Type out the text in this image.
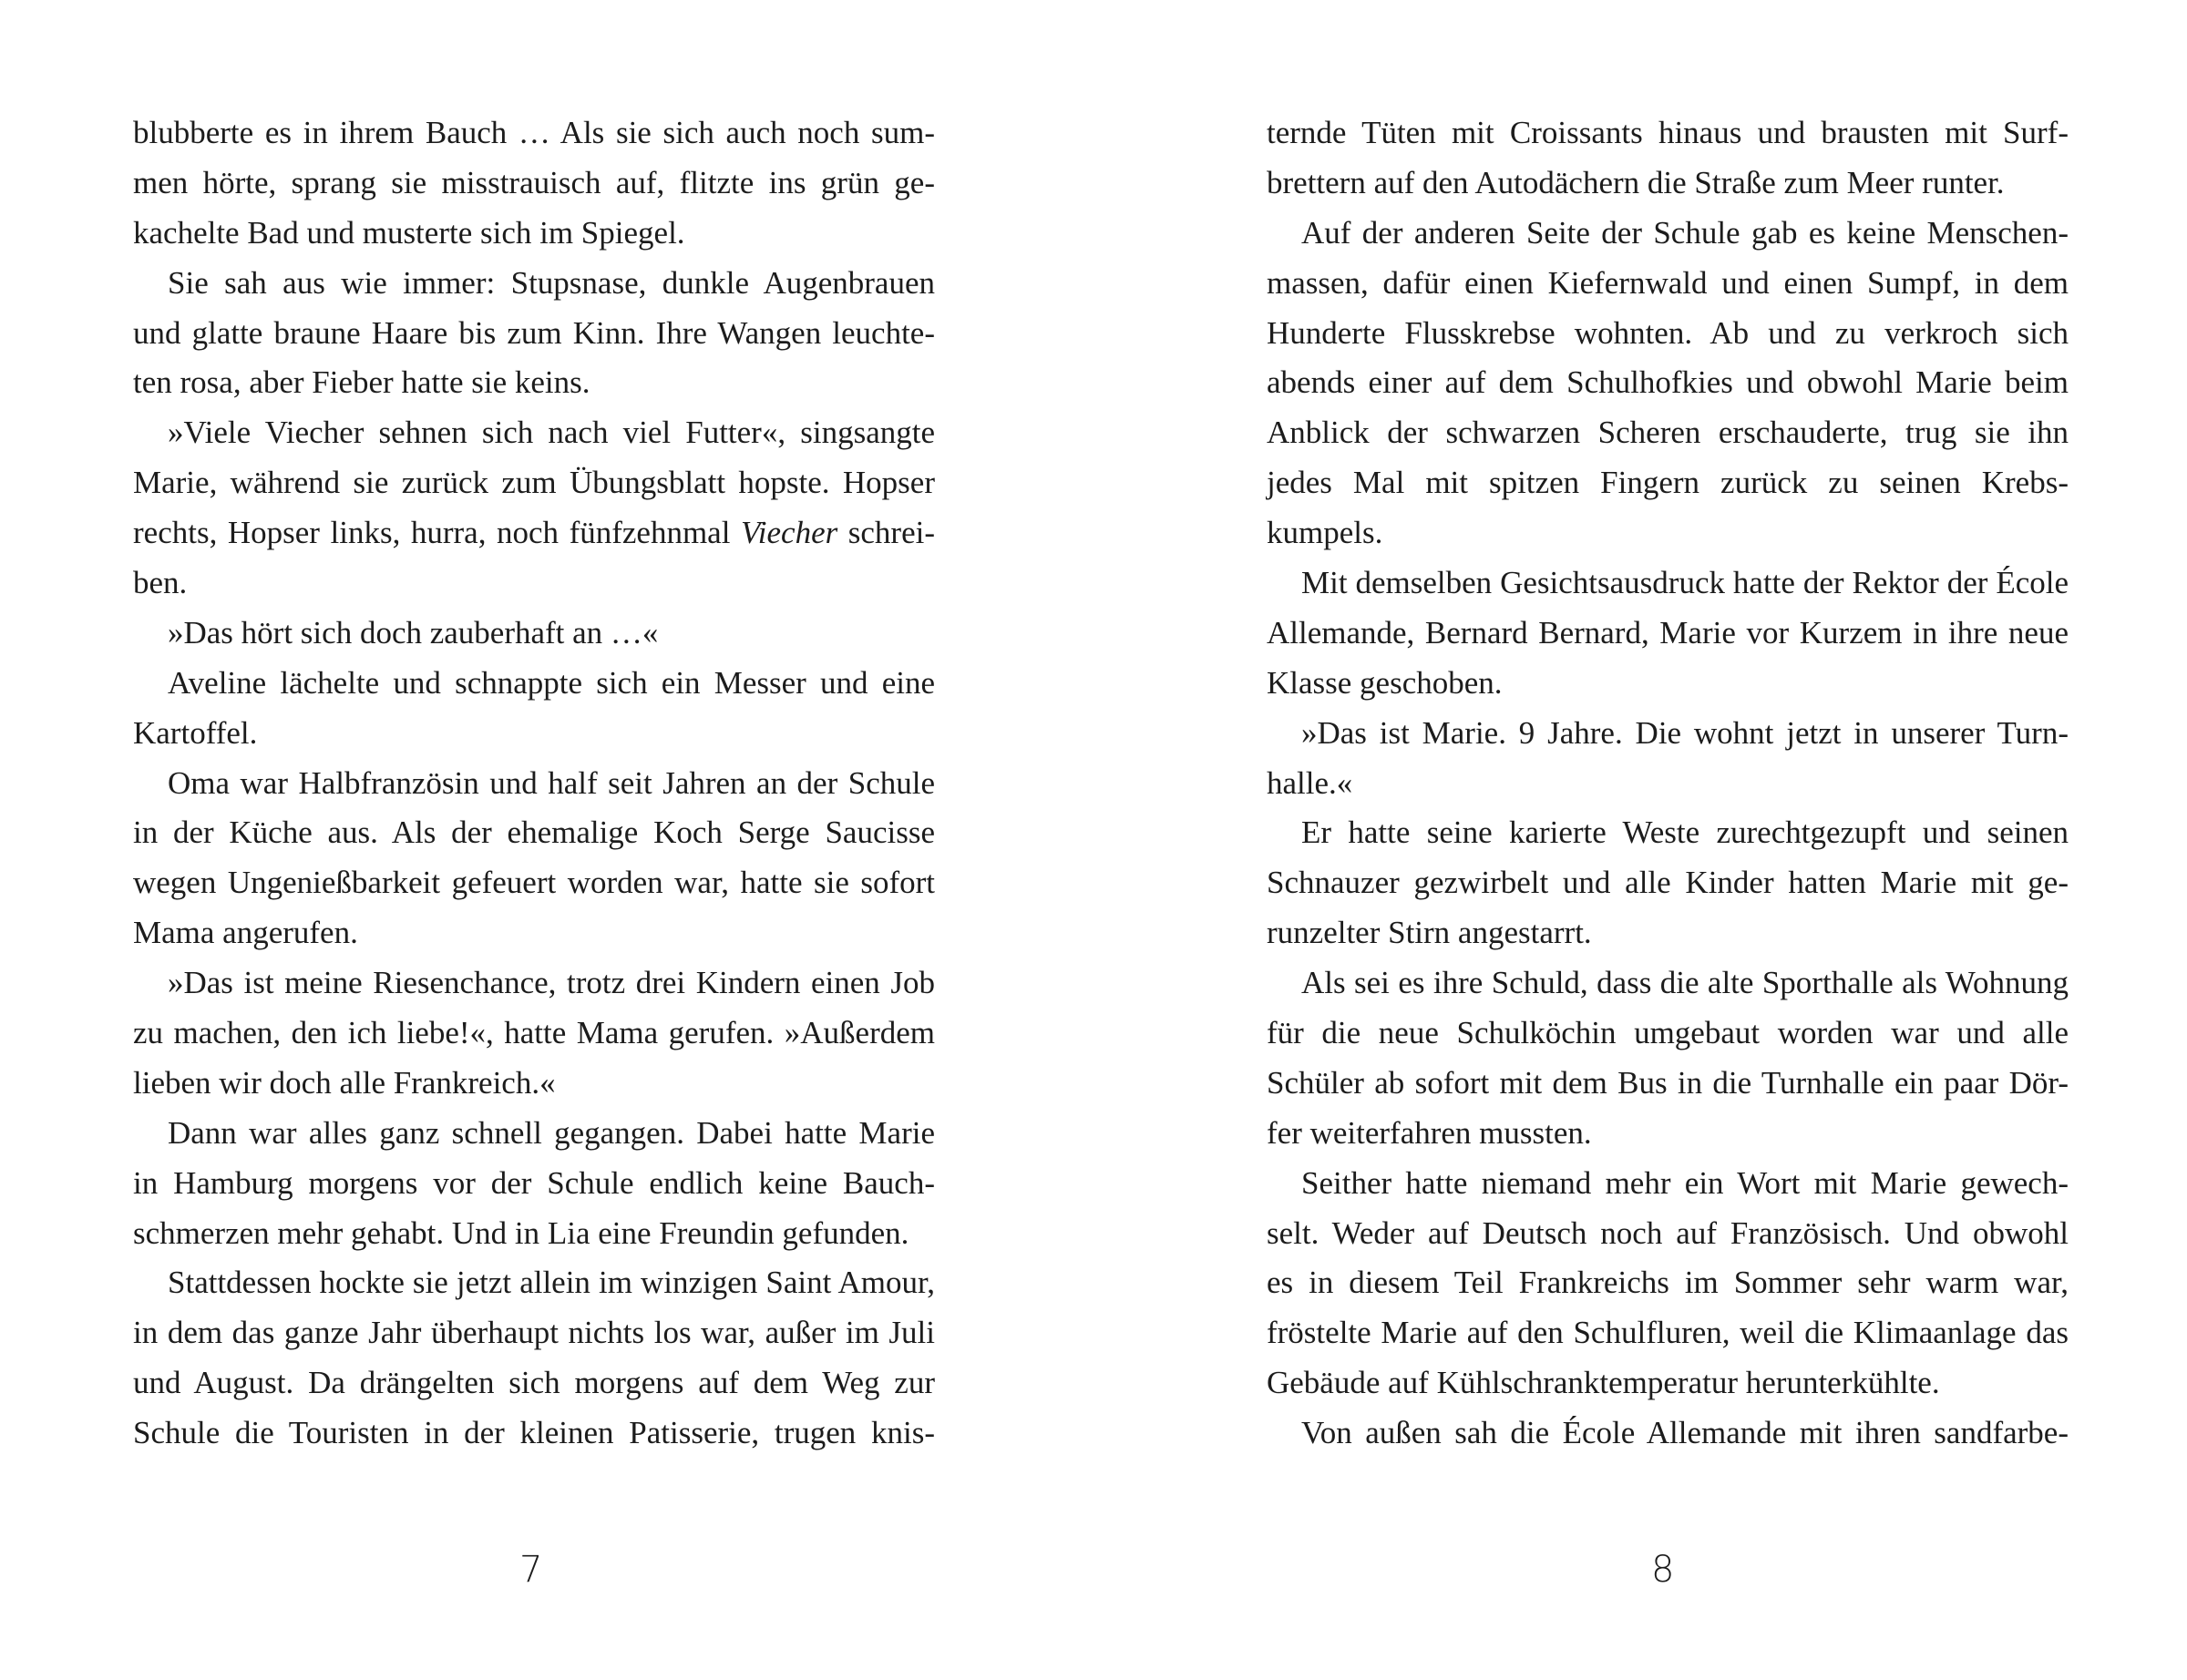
blubberte es in ihrem Bauch … Als sie sich auch noch sum-
men hörte, sprang sie misstrauisch auf, flitzte ins grün ge-
kachelte Bad und musterte sich im Spiegel.
Sie sah aus wie immer: Stupsnase, dunkle Augenbrauen
und glatte braune Haare bis zum Kinn. Ihre Wangen leuchte-
ten rosa, aber Fieber hatte sie keins.
»Viele Viecher sehnen sich nach viel Futter«, singsangte
Marie, während sie zurück zum Übungsblatt hopste. Hopser
rechts, Hopser links, hurra, noch fünfzehnmal Viecher schrei-
ben.
»Das hört sich doch zauberhaft an …«
Aveline lächelte und schnappte sich ein Messer und eine
Kartoffel.
Oma war Halbfranzösin und half seit Jahren an der Schule
in der Küche aus. Als der ehemalige Koch Serge Saucisse
wegen Ungenießbarkeit gefeuert worden war, hatte sie sofort
Mama angerufen.
»Das ist meine Riesenchance, trotz drei Kindern einen Job
zu machen, den ich liebe!«, hatte Mama gerufen. »Außerdem
lieben wir doch alle Frankreich.«
Dann war alles ganz schnell gegangen. Dabei hatte Marie
in Hamburg morgens vor der Schule endlich keine Bauch-
schmerzen mehr gehabt. Und in Lia eine Freundin gefunden.
Stattdessen hockte sie jetzt allein im winzigen Saint Amour,
in dem das ganze Jahr überhaupt nichts los war, außer im Juli
und August. Da drängelten sich morgens auf dem Weg zur
Schule die Touristen in der kleinen Patisserie, trugen knis-
7
ternde Tüten mit Croissants hinaus und brausten mit Surf-
brettern auf den Autodächern die Straße zum Meer runter.
Auf der anderen Seite der Schule gab es keine Menschen-
massen, dafür einen Kiefernwald und einen Sumpf, in dem
Hunderte Flusskrebse wohnten. Ab und zu verkroch sich
abends einer auf dem Schulhofkies und obwohl Marie beim
Anblick der schwarzen Scheren erschauderte, trug sie ihn
jedes Mal mit spitzen Fingern zurück zu seinen Krebs-
kumpels.
Mit demselben Gesichtsausdruck hatte der Rektor der École
Allemande, Bernard Bernard, Marie vor Kurzem in ihre neue
Klasse geschoben.
»Das ist Marie. 9 Jahre. Die wohnt jetzt in unserer Turn-
halle.«
Er hatte seine karierte Weste zurechtgezupft und seinen
Schnauzer gezwirbelt und alle Kinder hatten Marie mit ge-
runzelter Stirn angestarrt.
Als sei es ihre Schuld, dass die alte Sporthalle als Wohnung
für die neue Schulköchin umgebaut worden war und alle
Schüler ab sofort mit dem Bus in die Turnhalle ein paar Dör-
fer weiterfahren mussten.
Seither hatte niemand mehr ein Wort mit Marie gewech-
selt. Weder auf Deutsch noch auf Französisch. Und obwohl
es in diesem Teil Frankreichs im Sommer sehr warm war,
fröstelte Marie auf den Schulfluren, weil die Klimaanlage das
Gebäude auf Kühlschranktemperatur herunterkühlte.
Von außen sah die École Allemande mit ihren sandfarbe-
8
